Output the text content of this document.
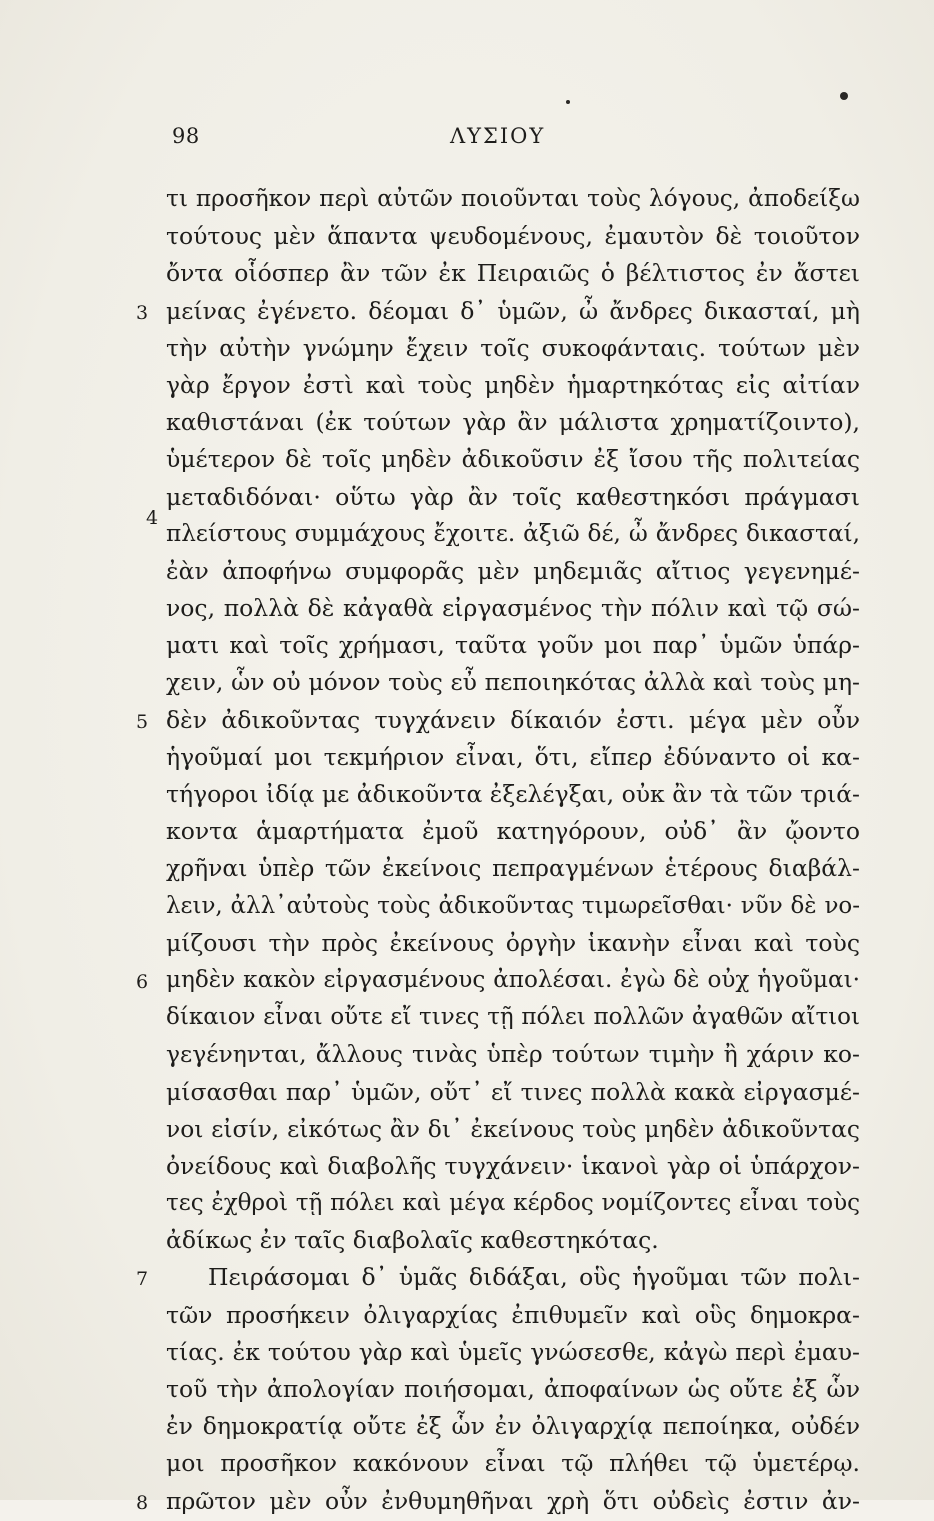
98	ΛΥΣΙΟΥ
τι προσῆκον περὶ αὐτῶν ποιοῦνται τοὺς λόγους, ἀποδείξω
τούτους μὲν ἅπαντα ψευδομένους, ἐμαυτὸν δὲ τοιοῦτον
ὄντα οἷόσπερ ἂν τῶν ἐκ Πειραιῶς ὁ βέλτιστος ἐν ἄστει
3 μείνας ἐγένετο. δέομαι δ᾽ ὑμῶν, ὦ ἄνδρες δικασταί, μὴ
τὴν αὐτὴν γνώμην ἔχειν τοῖς συκοφάνταις. τούτων μὲν
γὰρ ἔργον ἐστὶ καὶ τοὺς μηδὲν ἡμαρτηκότας εἰς αἰτίαν
καθιστάναι (ἐκ τούτων γὰρ ἂν μάλιστα χρηματίζοιντο),
ὑμέτερον δὲ τοῖς μηδὲν ἀδικοῦσιν ἐξ ἴσου τῆς πολιτείας
μεταδιδόναι· οὕτω γὰρ ἂν τοῖς καθεστηκόσι πράγμασι
4
πλείστους συμμάχους ἔχοιτε. ἀξιῶ δέ, ὦ ἄνδρες δικασταί,
ἐὰν ἀποφήνω συμφορᾶς μὲν μηδεμιᾶς αἴτιος γεγενημέ-
νος, πολλὰ δὲ κἀγαθὰ εἰργασμένος τὴν πόλιν καὶ τῷ σώ-
ματι καὶ τοῖς χρήμασι, ταῦτα γοῦν μοι παρ᾽ ὑμῶν ὑπάρ-
χειν, ὧν οὐ μόνον τοὺς εὖ πεποιηκότας ἀλλὰ καὶ τοὺς μη-
5 δὲν ἀδικοῦντας τυγχάνειν δίκαιόν ἐστι. μέγα μὲν οὖν
ἡγοῦμαί μοι τεκμήριον εἶναι, ὅτι, εἴπερ ἐδύναντο οἱ κα-
τήγοροι ἰδίᾳ με ἀδικοῦντα ἐξελέγξαι, οὐκ ἂν τὰ τῶν τριά-
κοντα ἁμαρτήματα ἐμοῦ κατηγόρουν, οὐδ᾽ ἂν ᾤοντο
χρῆναι ὑπὲρ τῶν ἐκείνοις πεπραγμένων ἑτέρους διαβάλ-
λειν, ἀλλ᾽αὐτοὺς τοὺς ἀδικοῦντας τιμωρεῖσθαι· νῦν δὲ νο-
μίζουσι τὴν πρὸς ἐκείνους ὀργὴν ἱκανὴν εἶναι καὶ τοὺς
6 μηδὲν κακὸν εἰργασμένους ἀπολέσαι. ἐγὼ δὲ οὐχ ἡγοῦμαι·
δίκαιον εἶναι οὔτε εἴ τινες τῇ πόλει πολλῶν ἀγαθῶν αἴτιοι
γεγένηνται, ἄλλους τινὰς ὑπὲρ τούτων τιμὴν ἢ χάριν κο-
μίσασθαι παρ᾽ ὑμῶν, οὔτ᾽ εἴ τινες πολλὰ κακὰ εἰργασμέ-
νοι εἰσίν, εἰκότως ἂν δι᾽ ἐκείνους τοὺς μηδὲν ἀδικοῦντας
ὀνείδους καὶ διαβολῆς τυγχάνειν· ἱκανοὶ γὰρ οἱ ὑπάρχον-
τες ἐχθροὶ τῇ πόλει καὶ μέγα κέρδος νομίζοντες εἶναι τοὺς
ἀδίκως ἐν ταῖς διαβολαῖς καθεστηκότας.
7	Πειράσομαι δ᾽ ὑμᾶς διδάξαι, οὓς ἡγοῦμαι τῶν πολι-
τῶν προσήκειν ὀλιγαρχίας ἐπιθυμεῖν καὶ οὓς δημοκρα-
τίας. ἐκ τούτου γὰρ καὶ ὑμεῖς γνώσεσθε, κἀγὼ περὶ ἐμαυ-
τοῦ τὴν ἀπολογίαν ποιήσομαι, ἀποφαίνων ὡς οὔτε ἐξ ὧν
ἐν δημοκρατίᾳ οὔτε ἐξ ὧν ἐν ὀλιγαρχίᾳ πεποίηκα, οὐδέν
μοι προσῆκον κακόνουν εἶναι τῷ πλήθει τῷ ὑμετέρῳ.
8 πρῶτον μὲν οὖν ἐνθυμηθῆναι χρὴ ὅτι οὐδεὶς ἐστιν ἀν-
